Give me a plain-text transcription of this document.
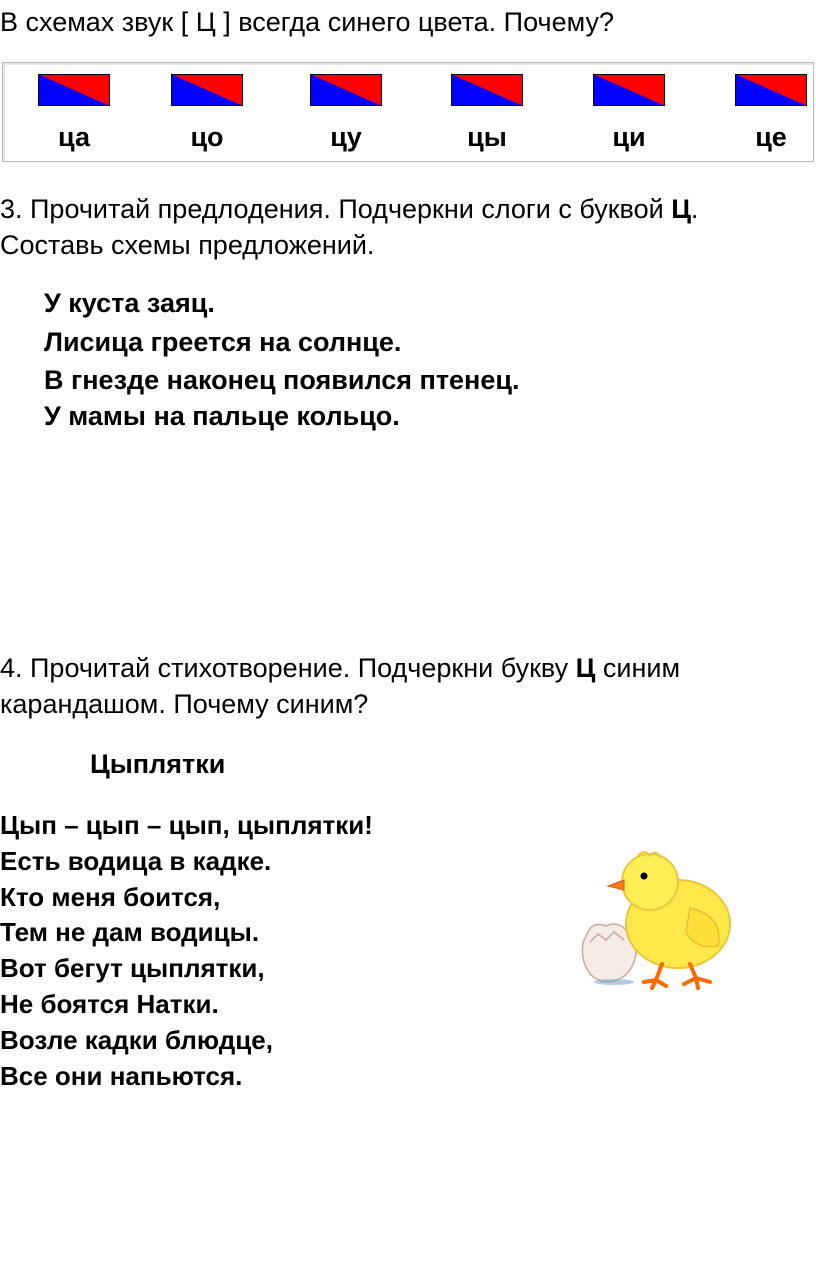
В схемах звук [ Ц ] всегда синего цвета. Почему?
ца	цо	цу	цы	ци	це
3. Прочитай предлодения. Подчеркни слоги с буквой Ц.
Составь схемы предложений.
У куста заяц.
Лисица греется на солнце.
В гнезде наконец появился птенец.
У мамы на пальце кольцо.
4. Прочитай стихотворение. Подчеркни букву Ц синим
карандашом. Почему синим?
Цыплятки
Цып – цып – цып, цыплятки!
Есть водица в кадке.
Кто меня боится,
Тем не дам водицы.
Вот бегут цыплятки,
Не боятся Натки.
Возле кадки блюдце,
Все они напьются.
